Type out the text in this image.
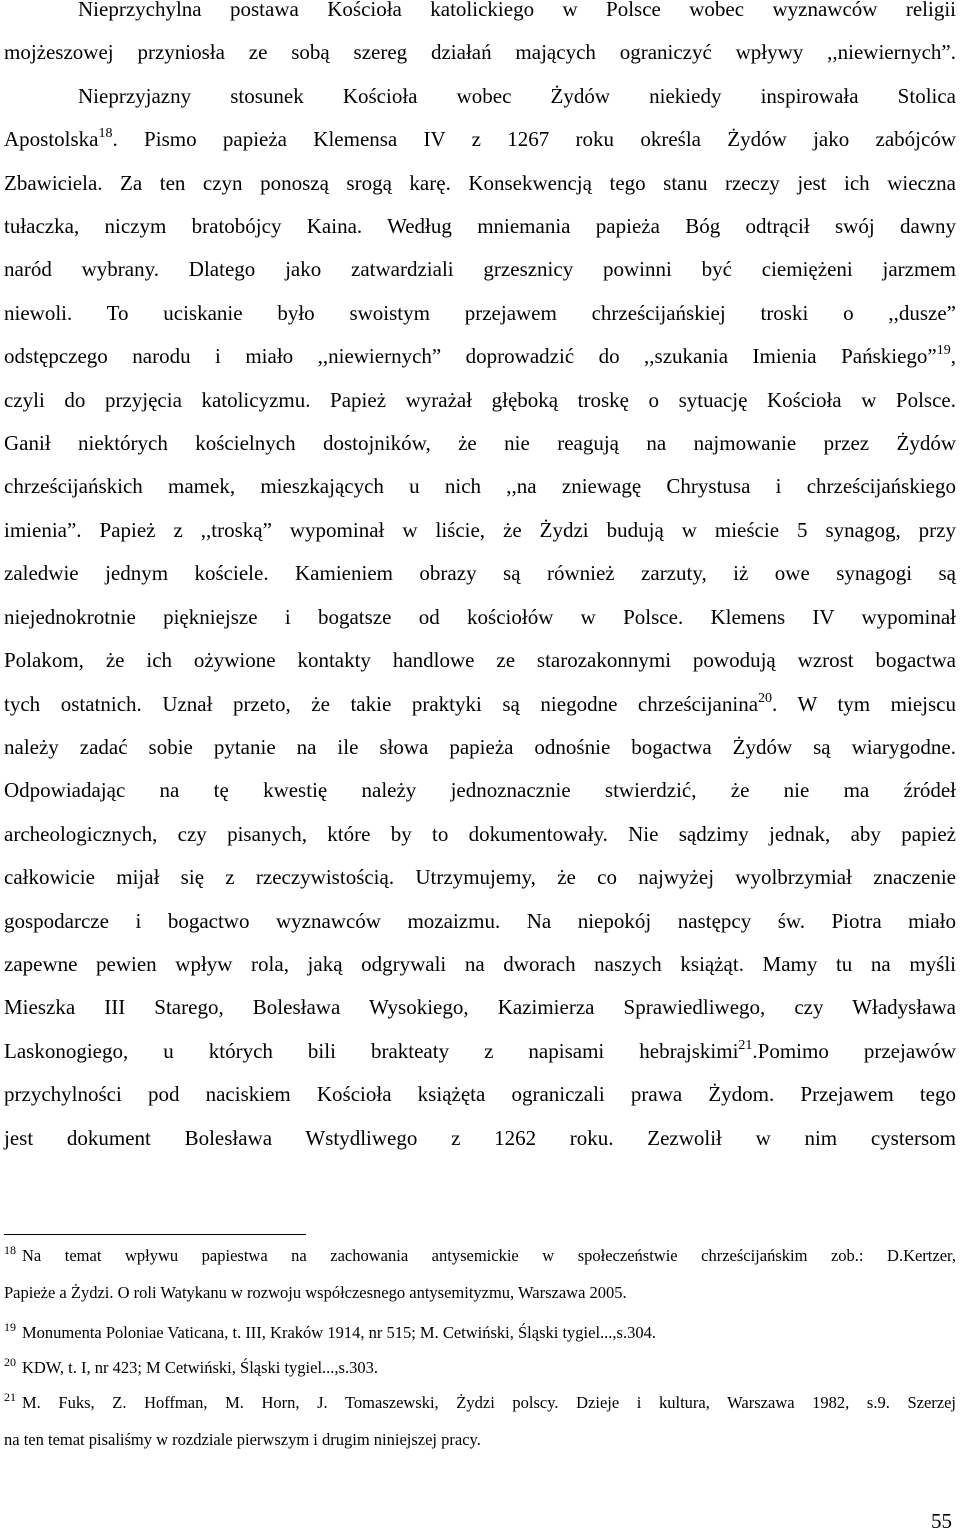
Nieprzychylna postawa Kościoła katolickiego w Polsce wobec wyznawców religii
mojżeszowej przyniosła ze sobą szereg działań mających ograniczyć wpływy ,,niewiernych”.
Nieprzyjazny stosunek Kościoła wobec Żydów niekiedy inspirowała Stolica
Apostolska$^{18}$. Pismo papieża Klemensa IV z 1267 roku określa Żydów jako zabójców
Zbawiciela. Za ten czyn ponoszą srogą karę. Konsekwencją tego stanu rzeczy jest ich wieczna
tułaczka, niczym bratobójcy Kaina. Według mniemania papieża Bóg odtrącił swój dawny
naród wybrany. Dlatego jako zatwardziali grzesznicy powinni być ciemiężeni jarzmem
niewoli. To uciskanie było swoistym przejawem chrześcijańskiej troski o ,,dusze”
odstępczego narodu i miało ,,niewiernych” doprowadzić do ,,szukania Imienia Pańskiego”$^{19}$,
czyli do przyjęcia katolicyzmu. Papież wyrażał głęboką troskę o sytuację Kościoła w Polsce.
Ganił niektórych kościelnych dostojników, że nie reagują na najmowanie przez Żydów
chrześcijańskich mamek, mieszkających u nich ,,na zniewagę Chrystusa i chrześcijańskiego
imienia”. Papież z ,,troską” wypominał w liście, że Żydzi budują w mieście 5 synagog, przy
zaledwie jednym kościele. Kamieniem obrazy są również zarzuty, iż owe synagogi są
niejednokrotnie piękniejsze i bogatsze od kościołów w Polsce. Klemens IV wypominał
Polakom, że ich ożywione kontakty handlowe ze starozakonnymi powodują wzrost bogactwa
tych ostatnich. Uznał przeto, że takie praktyki są niegodne chrześcijanina$^{20}$. W tym miejscu
należy zadać sobie pytanie na ile słowa papieża odnośnie bogactwa Żydów są wiarygodne.
Odpowiadając na tę kwestię należy jednoznacznie stwierdzić, że nie ma źródeł
archeologicznych, czy pisanych, które by to dokumentowały. Nie sądzimy jednak, aby papież
całkowicie mijał się z rzeczywistością. Utrzymujemy, że co najwyżej wyolbrzymiał znaczenie
gospodarcze i bogactwo wyznawców mozaizmu. Na niepokój następcy św. Piotra miało
zapewne pewien wpływ rola, jaką odgrywali na dworach naszych książąt. Mamy tu na myśli
Mieszka III Starego, Bolesława Wysokiego, Kazimierza Sprawiedliwego, czy Władysława
Laskonogiego, u których bili brakteaty z napisami hebrajskimi$^{21}$.Pomimo przejawów
przychylności pod naciskiem Kościoła książęta ograniczali prawa Żydom. Przejawem tego
jest dokument Bolesława Wstydliwego z 1262 roku. Zezwolił w nim cystersom
$^{18}$ Na temat wpływu papiestwa na zachowania antysemickie w społeczeństwie chrześcijańskim zob.: D.Kertzer,
Papieże a Żydzi. O roli Watykanu w rozwoju współczesnego antysemityzmu, Warszawa 2005.
$^{19}$ Monumenta Poloniae Vaticana, t. III, Kraków 1914, nr 515; M. Cetwiński, Śląski tygiel...,s.304.
$^{20}$ KDW, t. I, nr 423; M Cetwiński, Śląski tygiel...,s.303.
$^{21}$ M. Fuks, Z. Hoffman, M. Horn, J. Tomaszewski, Żydzi polscy. Dzieje i kultura, Warszawa 1982, s.9. Szerzej
na ten temat pisaliśmy w rozdziale pierwszym i drugim niniejszej pracy.
55
